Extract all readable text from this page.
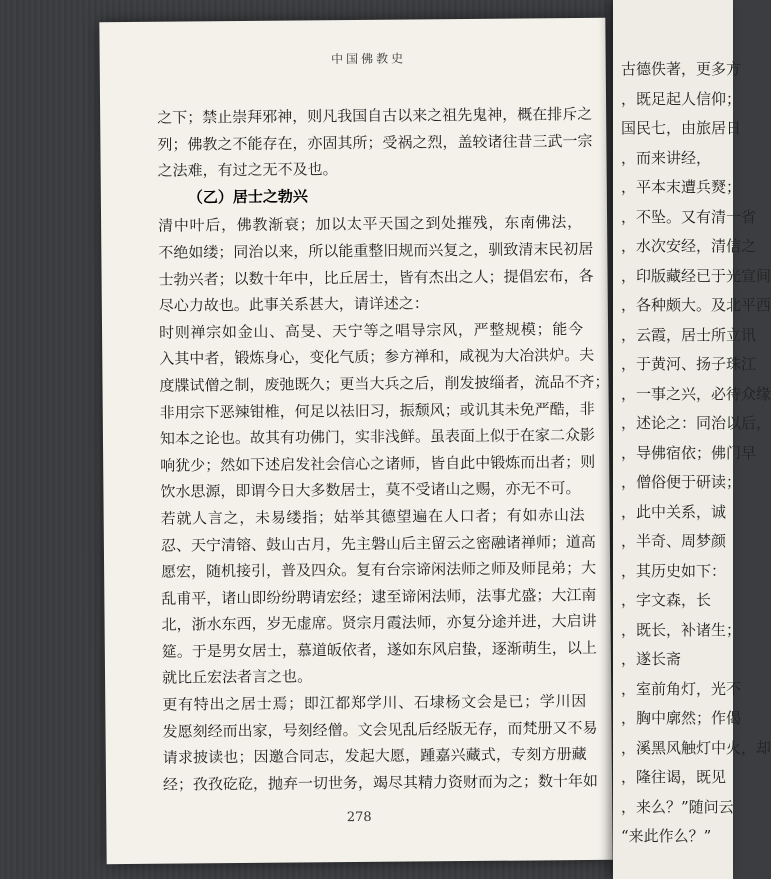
中国佛教史
之下；禁止崇拜邪神，则凡我国自古以来之祖先鬼神，概在排斥之
列；佛教之不能存在，亦固其所；受祸之烈，盖较诸往昔三武一宗
之法难，有过之无不及也。
（乙）居士之勃兴
清中叶后，佛教渐衰；加以太平天国之到处摧残，东南佛法，
不绝如缕；同治以来，所以能重整旧规而兴复之，驯致清末民初居
士勃兴者；以数十年中，比丘居士，皆有杰出之人；提倡宏布，各
尽心力故也。此事关系甚大，请详述之：
时则禅宗如金山、高旻、天宁等之唱导宗风，严整规模；能今
入其中者，锻炼身心，变化气质；参方禅和，咸视为大冶洪炉。夫
度牒试僧之制，废弛既久；更当大兵之后，削发披缁者，流品不齐；
非用宗下恶辣钳椎，何足以祛旧习，振颓风；或讥其未免严酷，非
知本之论也。故其有功佛门，实非浅鲜。虽表面上似于在家二众影
响犹少；然如下述启发社会信心之诸师，皆自此中锻炼而出者；则
饮水思源，即谓今日大多数居士，莫不受诸山之赐，亦无不可。
若就人言之，未易缕指；姑举其德望遍在人口者；有如赤山法
忍、天宁清镕、鼓山古月，先主磐山后主留云之密融诸禅师；道高
愿宏，随机接引，普及四众。复有台宗谛闲法师之师及师昆弟；大
乱甫平，诸山即纷纷聘请宏经；逮至谛闲法师，法事尤盛；大江南
北，浙水东西，岁无虚席。贤宗月霞法师，亦复分途并进，大启讲
筵。于是男女居士，慕道皈依者，遂如东风启蛰，逐渐萌生，以上
就比丘宏法者言之也。
更有特出之居士焉；即江都郑学川、石埭杨文会是已；学川因
发愿刻经而出家，号刻经僧。文会见乱后经版无存，而梵册又不易
请求披读也；因邀合同志，发起大愿，踵嘉兴藏式，专刻方册藏
经；孜孜矻矻，抛弃一切世务，竭尽其精力资财而为之；数十年如
278
古德佚著，更多方
，既足起人信仰；
国民七，由旅居日
，而来讲经，
，平本末遭兵燹；
，不坠。又有清一省
，水次安经，清信之
，印版藏经已于光宣间
，各种颇大。及北平西
，云霞，居士所立讯
，于黄河、扬子珠江
，一事之兴，必待众缘
，述论之：同治以后，
，导佛宿依；佛门早
，僧俗便于研读；
，此中关系，诚
，半奇、周梦颜
，其历史如下：
，字文森，长
，既长，补诸生；
，遂长斋
，室前角灯，光不
，胸中廓然；作偈
，溪黑风触灯中火，却
，隆往谒，既见
，来么？”随问云
“来此作么？”
